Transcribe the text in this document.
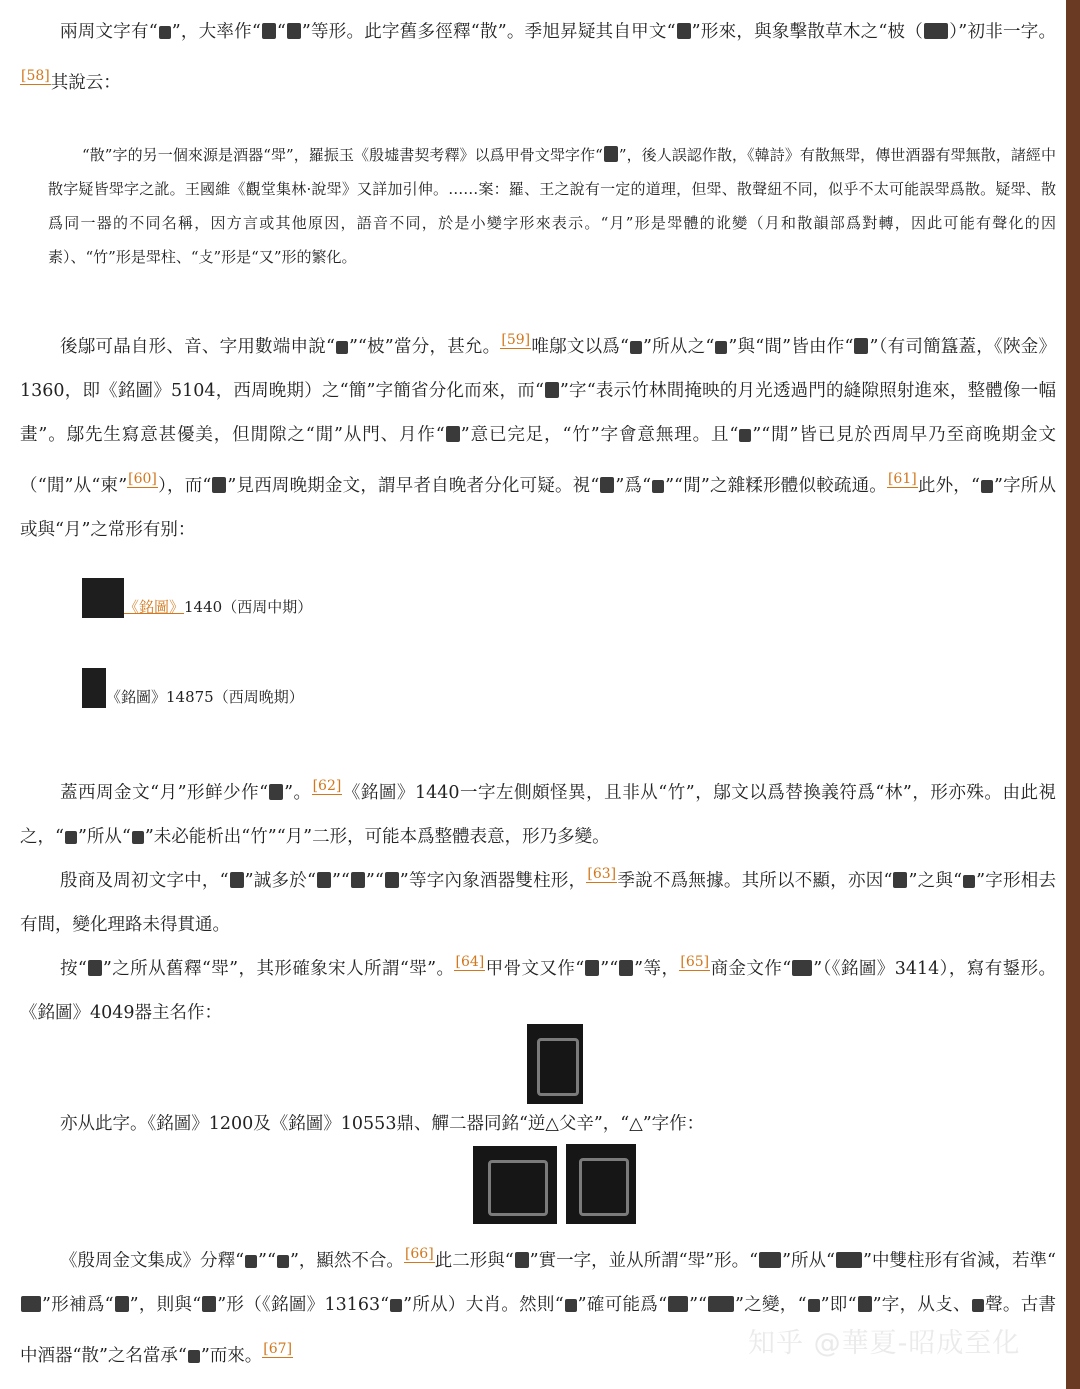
兩周文字有“ ”，大率作“ “ ”等形。此字舊多徑釋“散”。季旭昇疑其自甲文“ ”形來，與象擊散草木之“柀（ ）”初非一字。[58]其說云：

“散”字的另一個來源是酒器“斝”，羅振玉《殷墟書契考釋》以爲甲骨文斝字作“ ”，後人誤認作散，《韓詩》有散無斝，傳世酒器有斝無散，諸經中散字疑皆斝字之訛。王國維《觀堂集林·說斝》又詳加引伸。……案：羅、王之說有一定的道理，但斝、散聲紐不同，似乎不太可能誤斝爲散。疑斝、散爲同一器的不同名稱，因方言或其他原因，語音不同，於是小變字形來表示。“月”形是斝體的讹變（月和散韻部爲對轉，因此可能有聲化的因素）、“竹”形是斝柱、“攴”形是“又”形的繁化。

後鄔可晶自形、音、字用數端申說“ ”“柀”當分，甚允。[59]唯鄔文以爲“ ”所从之“ ”與“間”皆由作“ ”（有司簡簋蓋，《陜金》1360，即《銘圖》5104，西周晚期）之“簡”字簡省分化而來，而“ ”字“表示竹林間掩映的月光透過門的縫隙照射進來，整體像一幅畫”。鄔先生寫意甚優美，但閒隙之“閒”从門、月作“ ”意已完足，“竹”字會意無理。且“ ”“閒”皆已見於西周早乃至商晚期金文（“閒”从“柬”[60]），而“ ”見西周晚期金文，謂早者自晚者分化可疑。視“ ”爲“ ”“閒”之雜糅形體似較疏通。[61]此外，“ ”字所从或與“月”之常形有别：

《銘圖》1440（西周中期）
《銘圖》14875（西周晚期）

蓋西周金文“月”形鲜少作“ ”。[62]《銘圖》1440一字左側頗怪異，且非从“竹”，鄔文以爲替換義符爲“林”，形亦殊。由此視之，“ ”所从“ ”未必能析出“竹”“月”二形，可能本爲整體表意，形乃多變。

殷商及周初文字中，“ ”誠多於“ ”“ ”“ ”等字內象酒器雙柱形，[63]季說不爲無據。其所以不顯，亦因“ ”之與“ ”字形相去有間，變化理路未得貫通。

按“ ”之所从舊釋“斝”，其形確象宋人所謂“斝”。[64]甲骨文又作“ ”“ ”等，[65]商金文作“ ”（《銘圖》3414），寫有鋬形。《銘圖》4049器主名作：

亦从此字。《銘圖》1200及《銘圖》10553鼎、觶二器同銘“逆△父辛”，“△”字作：

《殷周金文集成》分釋“ ”“ ”，顯然不合。[66]此二形與“ ”實一字，並从所謂“斝”形。“ ”所从“ ”中雙柱形有省減，若準“”形補爲“ ”，則與“ ”形（《銘圖》13163“ ”所从）大肖。然則“ ”確可能爲“ ”“ ”之變，“ ”即“ ”字，从攴、 聲。古書中酒器“散”之名當承“ ”而來。[67]	知乎 @華夏-昭成至化
